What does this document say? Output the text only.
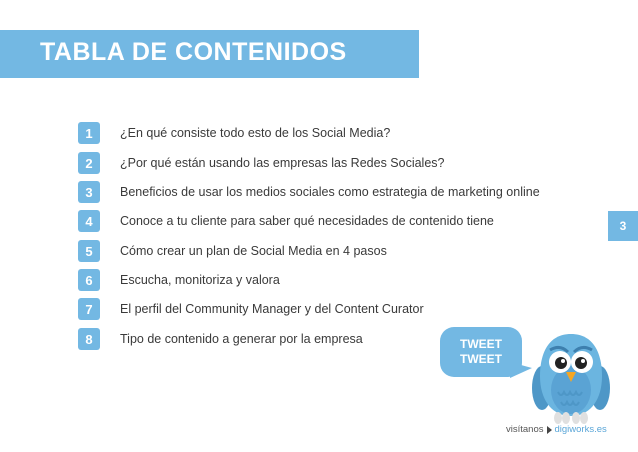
TABLA DE CONTENIDOS
1	¿En qué consiste todo esto de los Social Media?
2	¿Por qué están usando las empresas las Redes Sociales?
3	Beneficios de usar los medios sociales como estrategia de marketing online
4	Conoce a tu cliente para saber qué necesidades de contenido tiene
5	Cómo crear un plan de Social Media en 4 pasos
6	Escucha, monitoriza y valora
7	El perfil del Community Manager y del Content Curator
8	Tipo de contenido a generar por la empresa
3
TWEET
TWEET
visítanos digiworks.es
